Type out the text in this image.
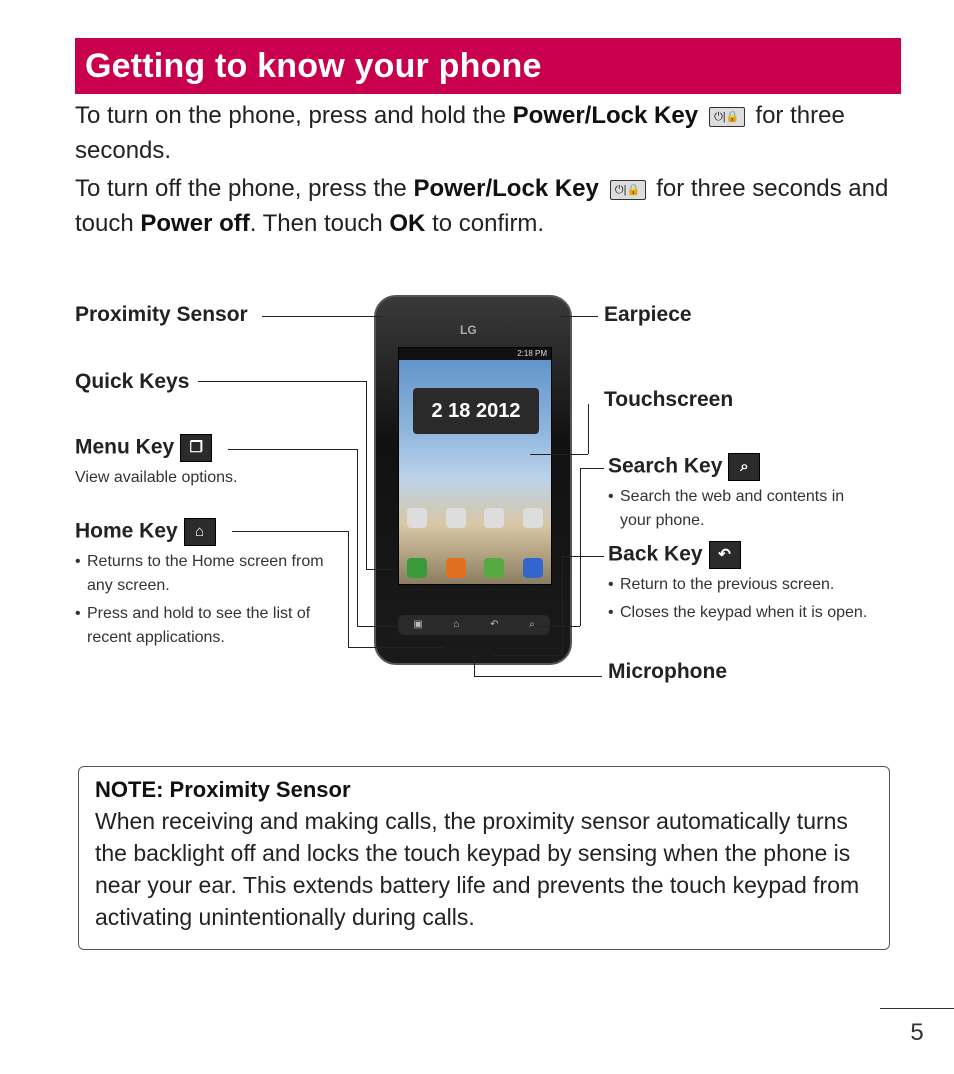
Getting to know your phone
To turn on the phone, press and hold the Power/Lock Key ⏻|🔒 for three seconds.
To turn off the phone, press the Power/Lock Key ⏻|🔒 for three seconds and touch Power off. Then touch OK to confirm.
LG
2:18 PM
2 18 2012
▣	⌂	↶	⌕
Proximity Sensor
Quick Keys
Menu Key ❐
View available options.
Home Key ⌂
• Returns to the Home screen from any screen.
• Press and hold to see the list of recent applications.
Earpiece
Touchscreen
Search Key ⌕
• Search the web and contents in your phone.
Back Key ↶
• Return to the previous screen.
• Closes the keypad when it is open.
Microphone
NOTE: Proximity Sensor

When receiving and making calls, the proximity sensor automatically turns the backlight off and locks the touch keypad by sensing when the phone is near your ear. This extends battery life and prevents the touch keypad from activating unintentionally during calls.

5
